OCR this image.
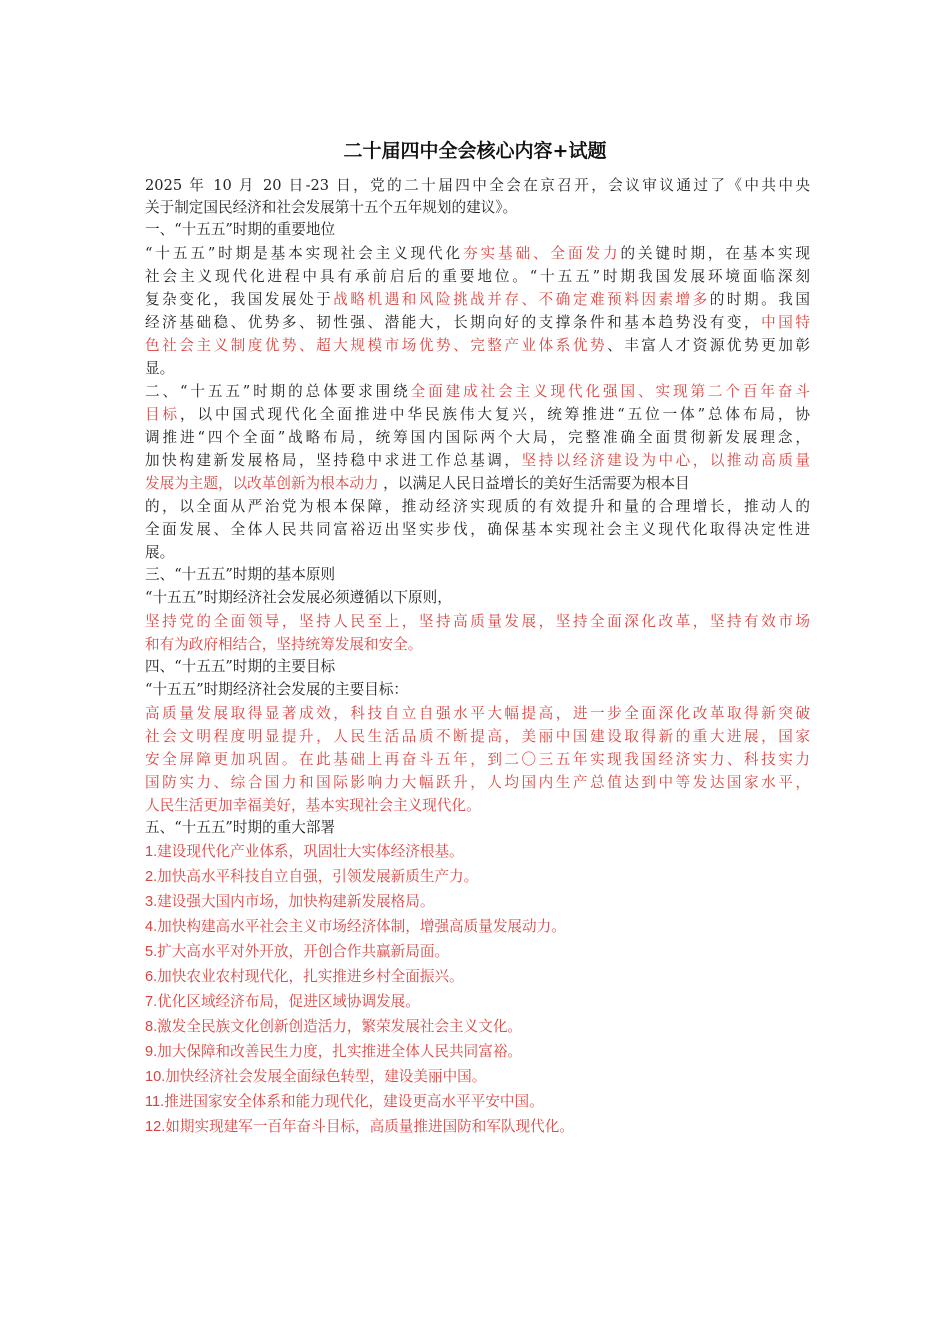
二十届四中全会核心内容+试题
2025 年 10 月 20 日-23 日，党的二十届四中全会在京召开，会议审议通过了《中共中央
关于制定国民经济和社会发展第十五个五年规划的建议》。
一、“十五五”时期的重要地位
“十五五”时期是基本实现社会主义现代化夯实基础、全面发力的关键时期，在基本实现
社会主义现代化进程中具有承前启后的重要地位。“十五五”时期我国发展环境面临深刻
复杂变化，我国发展处于战略机遇和风险挑战并存、不确定难预料因素增多的时期。我国
经济基础稳、优势多、韧性强、潜能大，长期向好的支撑条件和基本趋势没有变，中国特
色社会主义制度优势、超大规模市场优势、完整产业体系优势、丰富人才资源优势更加彰
显。
二、“十五五”时期的总体要求围绕全面建成社会主义现代化强国、实现第二个百年奋斗
目标，以中国式现代化全面推进中华民族伟大复兴，统筹推进“五位一体”总体布局，协
调推进“四个全面”战略布局，统筹国内国际两个大局，完整准确全面贯彻新发展理念，
加快构建新发展格局，坚持稳中求进工作总基调，坚持以经济建设为中心，以推动高质量
发展为主题，以改革创新为根本动力 ，以满足人民日益增长的美好生活需要为根本目
的，以全面从严治党为根本保障，推动经济实现质的有效提升和量的合理增长，推动人的
全面发展、全体人民共同富裕迈出坚实步伐，确保基本实现社会主义现代化取得决定性进
展。
三、“十五五”时期的基本原则
“十五五”时期经济社会发展必须遵循以下原则，
坚持党的全面领导，坚持人民至上，坚持高质量发展，坚持全面深化改革，坚持有效市场
和有为政府相结合，坚持统筹发展和安全。
四、“十五五”时期的主要目标
“十五五”时期经济社会发展的主要目标：
高质量发展取得显著成效，科技自立自强水平大幅提高，进一步全面深化改革取得新突破
社会文明程度明显提升，人民生活品质不断提高，美丽中国建设取得新的重大进展，国家
安全屏障更加巩固。在此基础上再奋斗五年，到二〇三五年实现我国经济实力、科技实力
国防实力、综合国力和国际影响力大幅跃升，人均国内生产总值达到中等发达国家水平，
人民生活更加幸福美好，基本实现社会主义现代化。
五、“十五五”时期的重大部署
1.建设现代化产业体系，巩固壮大实体经济根基。
2.加快高水平科技自立自强，引领发展新质生产力。
3.建设强大国内市场，加快构建新发展格局。
4.加快构建高水平社会主义市场经济体制，增强高质量发展动力。
5.扩大高水平对外开放，开创合作共赢新局面。
6.加快农业农村现代化，扎实推进乡村全面振兴。
7.优化区域经济布局，促进区域协调发展。
8.激发全民族文化创新创造活力，繁荣发展社会主义文化。
9.加大保障和改善民生力度，扎实推进全体人民共同富裕。
10.加快经济社会发展全面绿色转型，建设美丽中国。
11.推进国家安全体系和能力现代化，建设更高水平平安中国。
12.如期实现建军一百年奋斗目标，高质量推进国防和军队现代化。
